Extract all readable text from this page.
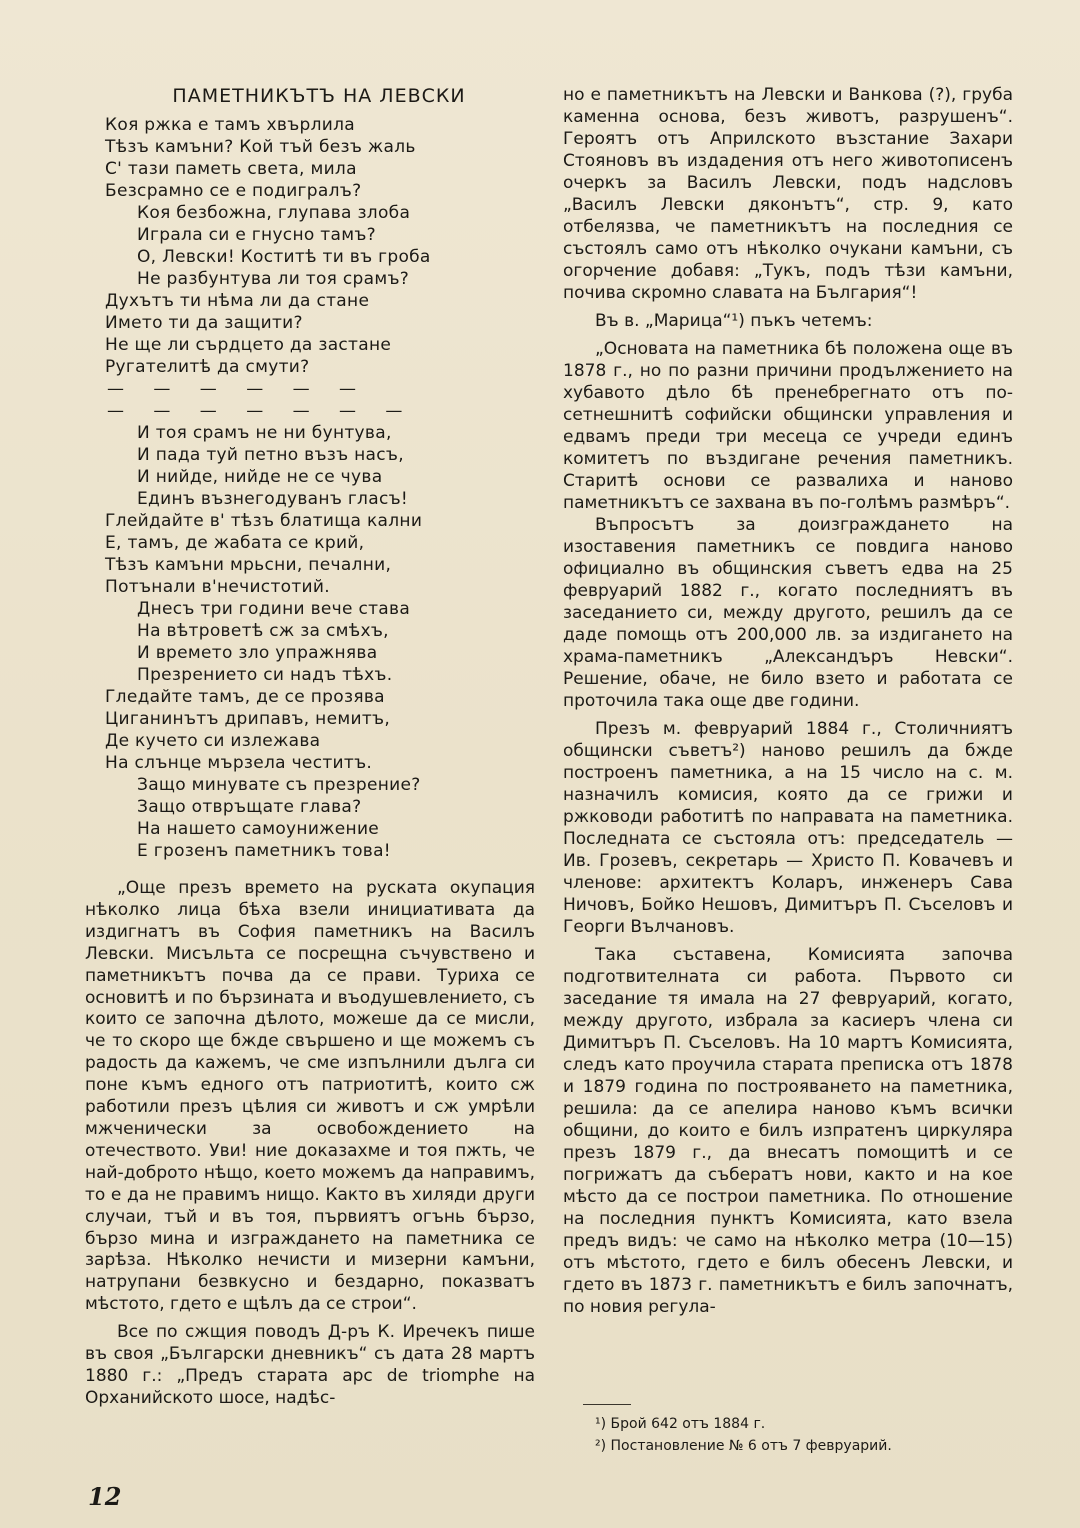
ПАМЕТНИКЪТЪ НА ЛЕВСКИ
Коя ржка е тамъ хвърлила
Тѣзъ камъни? Кой тъй безъ жаль
С' тази паметь света, мила
Безсрамно се е подигралъ?
Коя безбожна, глупава злоба
Играла си е гнусно тамъ?
О, Левски! Коститѣ ти въ гроба
Не разбунтува ли тоя срамъ?
Духътъ ти нѣма ли да стане
Името ти да защити?
Не ще ли сърдцето да застане
Ругателитѣ да смути?
— — — — — —
— — — — — — —
И тоя срамъ не ни бунтува,
И пада туй петно възъ насъ,
И нийде, нийде не се чува
Единъ възнегодуванъ гласъ!
Глейдайте в' тѣзъ блатища кални
Е, тамъ, де жабата се крий,
Тѣзъ камъни мрьсни, печални,
Потънали в'нечистотий.
Днесъ три години вече става
На вѣтроветѣ сж за смѣхъ,
И времето зло упражнява
Презрението си надъ тѣхъ.
Гледайте тамъ, де се прозява
Циганинътъ дрипавъ, немитъ,
Де кучето си излежава
На слънце мързела честитъ.
Защо минувате съ презрение?
Защо отвръщате глава?
На нашето самоунижение
Е грозенъ паметникъ това!

„Още презъ времето на руската окупация нѣколко лица бѣха взели инициативата да издигнатъ въ София паметникъ на Василъ Левски. Мисъльта се посрещна съчувствено и паметникътъ почва да се прави. Туриха се основитѣ и по бързината и въодушевлението, съ които се започна дѣлото, можеше да се мисли, че то скоро ще бжде свършено и ще можемъ съ радость да кажемъ, че сме изпълнили дълга си поне къмъ едного отъ патриотитѣ, които сж работили презъ цѣлия си животъ и сж умрѣли мжченически за освобождението на отечеството. Уви! ние доказахме и тоя пжть, че най-доброто нѣщо, което можемъ да направимъ, то е да не правимъ нищо. Както въ хиляди други случаи, тъй и въ тоя, първиятъ огънь бързо, бързо мина и изграждането на паметника се зарѣза. Нѣколко нечисти и мизерни камъни, натрупани безвкусно и бездарно, показватъ мѣстото, гдето е щѣлъ да се строи“.

Все по сжщия поводъ Д-ръ К. Иречекъ пише въ своя „Български дневникъ“ съ дата 28 мартъ 1880 г.: „Предъ старата арс de triomphe на Орханийското шосе, надѣс-

но е паметникътъ на Левски и Ванкова (?), груба каменна основа, безъ животъ, разрушенъ“. Героятъ отъ Априлското възстание Захари Стояновъ въ издадения отъ него животописенъ очеркъ за Василъ Левски, подъ надсловъ „Василъ Левски дяконътъ“, стр. 9, като отбелязва, че паметникътъ на последния се състоялъ само отъ нѣколко очукани камъни, съ огорчение добавя: „Тукъ, подъ тѣзи камъни, почива скромно славата на България“!

Въ в. „Марица“¹) пъкъ четемъ:

„Основата на паметника бѣ положена още въ 1878 г., но по разни причини продължението на хубавото дѣло бѣ пренебрегнато отъ по-сетнешнитѣ софийски общински управления и едвамъ преди три месеца се учреди единъ комитетъ по въздигане речения паметникъ. Старитѣ основи се развалиха и наново паметникътъ се захвана въ по-голѣмъ размѣръ“.

Въпросътъ за доизграждането на изоставения паметникъ се повдига наново официално въ общинския съветъ едва на 25 февруарий 1882 г., когато последниятъ въ заседанието си, между другото, решилъ да се даде помощь отъ 200,000 лв. за издигането на храма-паметникъ „Александъръ Невски“. Решение, обаче, не било взето и работата се проточила така още две години.

Презъ м. февруарий 1884 г., Столичниятъ общински съветъ²) наново решилъ да бжде построенъ паметника, а на 15 число на с. м. назначилъ комисия, която да се грижи и ржководи работитѣ по направата на паметника. Последната се състояла отъ: председатель — Ив. Грозевъ, секретарь — Христо П. Ковачевъ и членове: архитектъ Коларъ, инженеръ Сава Ничовъ, Бойко Нешовъ, Димитъръ П. Съселовъ и Георги Вълчановъ.

Така съставена, Комисията започва подготвителната си работа. Първото си заседание тя имала на 27 февруарий, когато, между другото, избрала за касиеръ члена си Димитъръ П. Съселовъ. На 10 мартъ Комисията, следъ като проучила старата преписка отъ 1878 и 1879 година по построяването на паметника, решила: да се апелира наново къмъ всички общини, до които е билъ изпратенъ циркуляра презъ 1879 г., да внесатъ помощитѣ и се погрижатъ да събератъ нови, както и на кое мѣсто да се построи паметника. По отношение на последния пунктъ Комисията, като взела предъ видъ: че само на нѣколко метра (10—15) отъ мѣстото, гдето е билъ обесенъ Левски, и гдето въ 1873 г. паметникътъ е билъ започнатъ, по новия регула-

¹) Брой 642 отъ 1884 г.
²) Постановление № 6 отъ 7 февруарий.
12
